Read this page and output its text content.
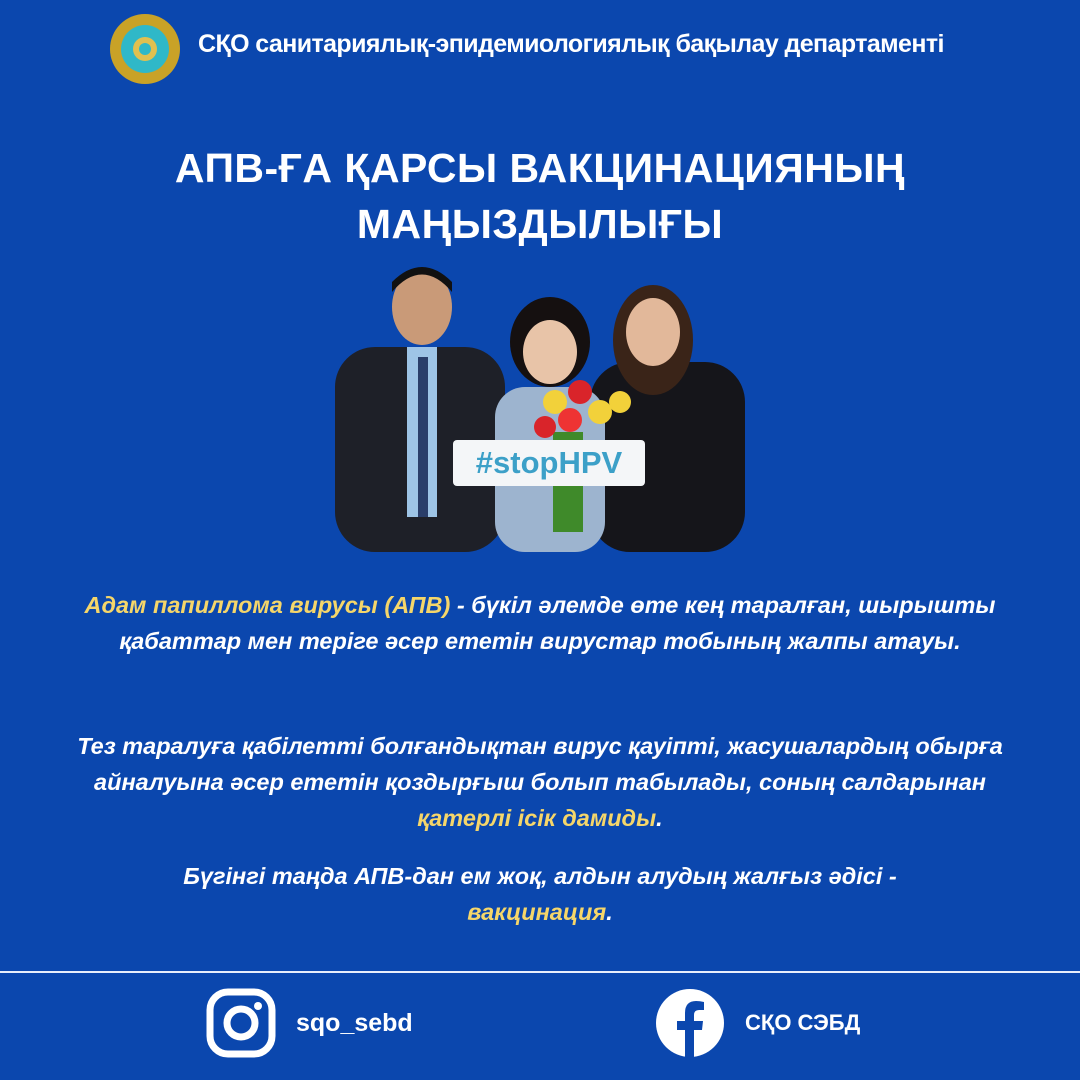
СҚО санитариялық-эпидемиологиялық бақылау департаменті
АПВ-ҒА ҚАРСЫ ВАКЦИНАЦИЯНЫҢ
МАҢЫЗДЫЛЫҒЫ
#stopHPV
Адам папиллома вирусы (АПВ) - бүкіл әлемде өте кең таралған, шырышты қабаттар мен теріге әсер ететін вирустар тобының жалпы атауы.
Тез таралуға қабілетті болғандықтан вирус қауіпті, жасушалардың обырға айналуына әсер ететін қоздырғыш болып табылады, соның салдарынан қатерлі ісік дамиды.
Бүгінгі таңда АПВ-дан ем жоқ, алдын алудың жалғыз әдісі -
вакцинация.
sqo_sebd	СҚО СЭБД
